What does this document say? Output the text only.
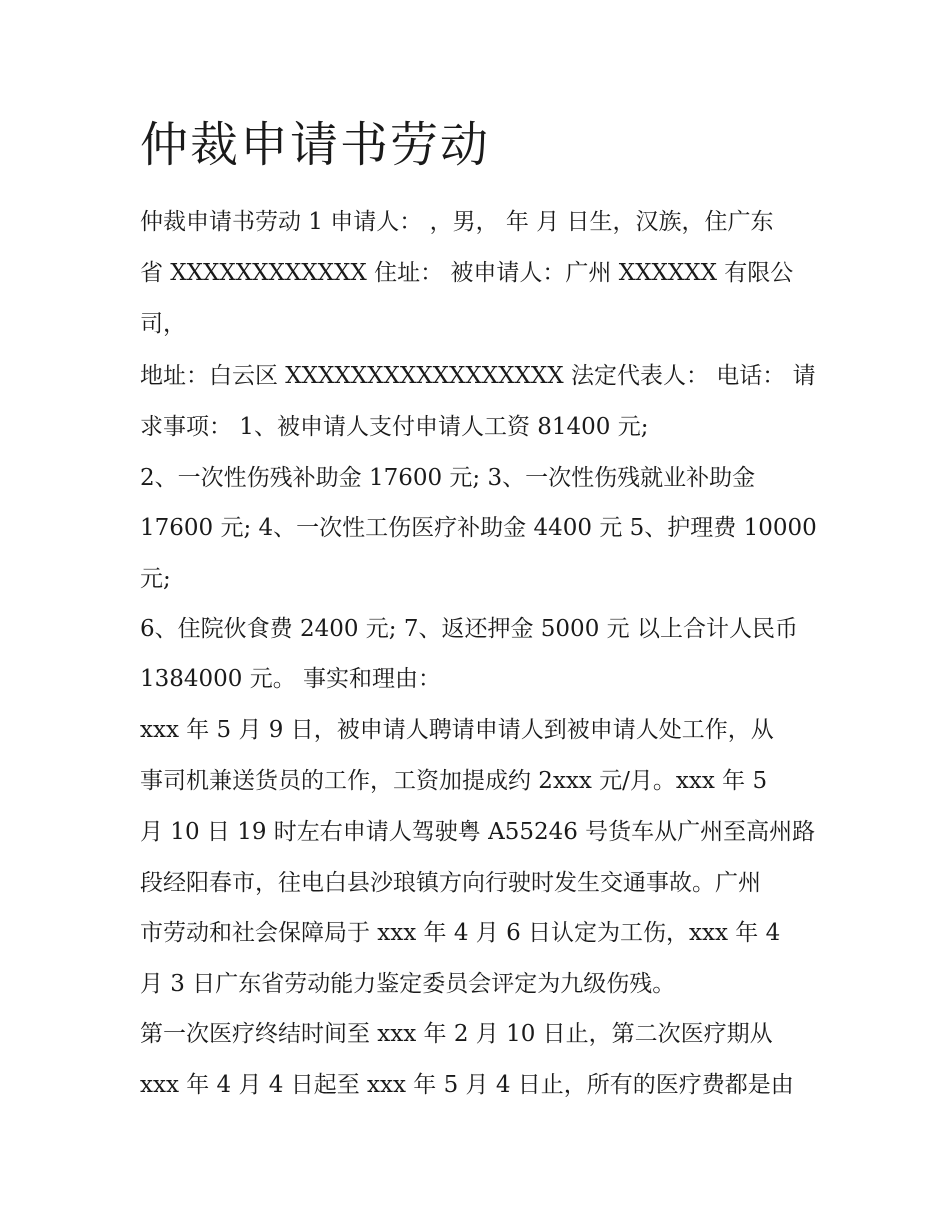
仲裁申请书劳动

仲裁申请书劳动 1 申请人： ，男， 年 月 日生，汉族，住广东

省 XXXXXXXXXXXX 住址： 被申请人：广州 XXXXXX 有限公

司，

地址：白云区 XXXXXXXXXXXXXXXXX 法定代表人： 电话： 请

求事项： 1、被申请人支付申请人工资 81400 元;

2、一次性伤残补助金 17600 元; 3、一次性伤残就业补助金

17600 元; 4、一次性工伤医疗补助金 4400 元 5、护理费 10000

元;

6、住院伙食费 2400 元; 7、返还押金 5000 元 以上合计人民币

1384000 元。 事实和理由：

xxx 年 5 月 9 日，被申请人聘请申请人到被申请人处工作，从

事司机兼送货员的工作，工资加提成约 2xxx 元/月。xxx 年 5

月 10 日 19 时左右申请人驾驶粤 A55246 号货车从广州至高州路

段经阳春市，往电白县沙琅镇方向行驶时发生交通事故。广州

市劳动和社会保障局于 xxx 年 4 月 6 日认定为工伤，xxx 年 4

月 3 日广东省劳动能力鉴定委员会评定为九级伤残。

第一次医疗终结时间至 xxx 年 2 月 10 日止，第二次医疗期从

xxx 年 4 月 4 日起至 xxx 年 5 月 4 日止，所有的医疗费都是由
